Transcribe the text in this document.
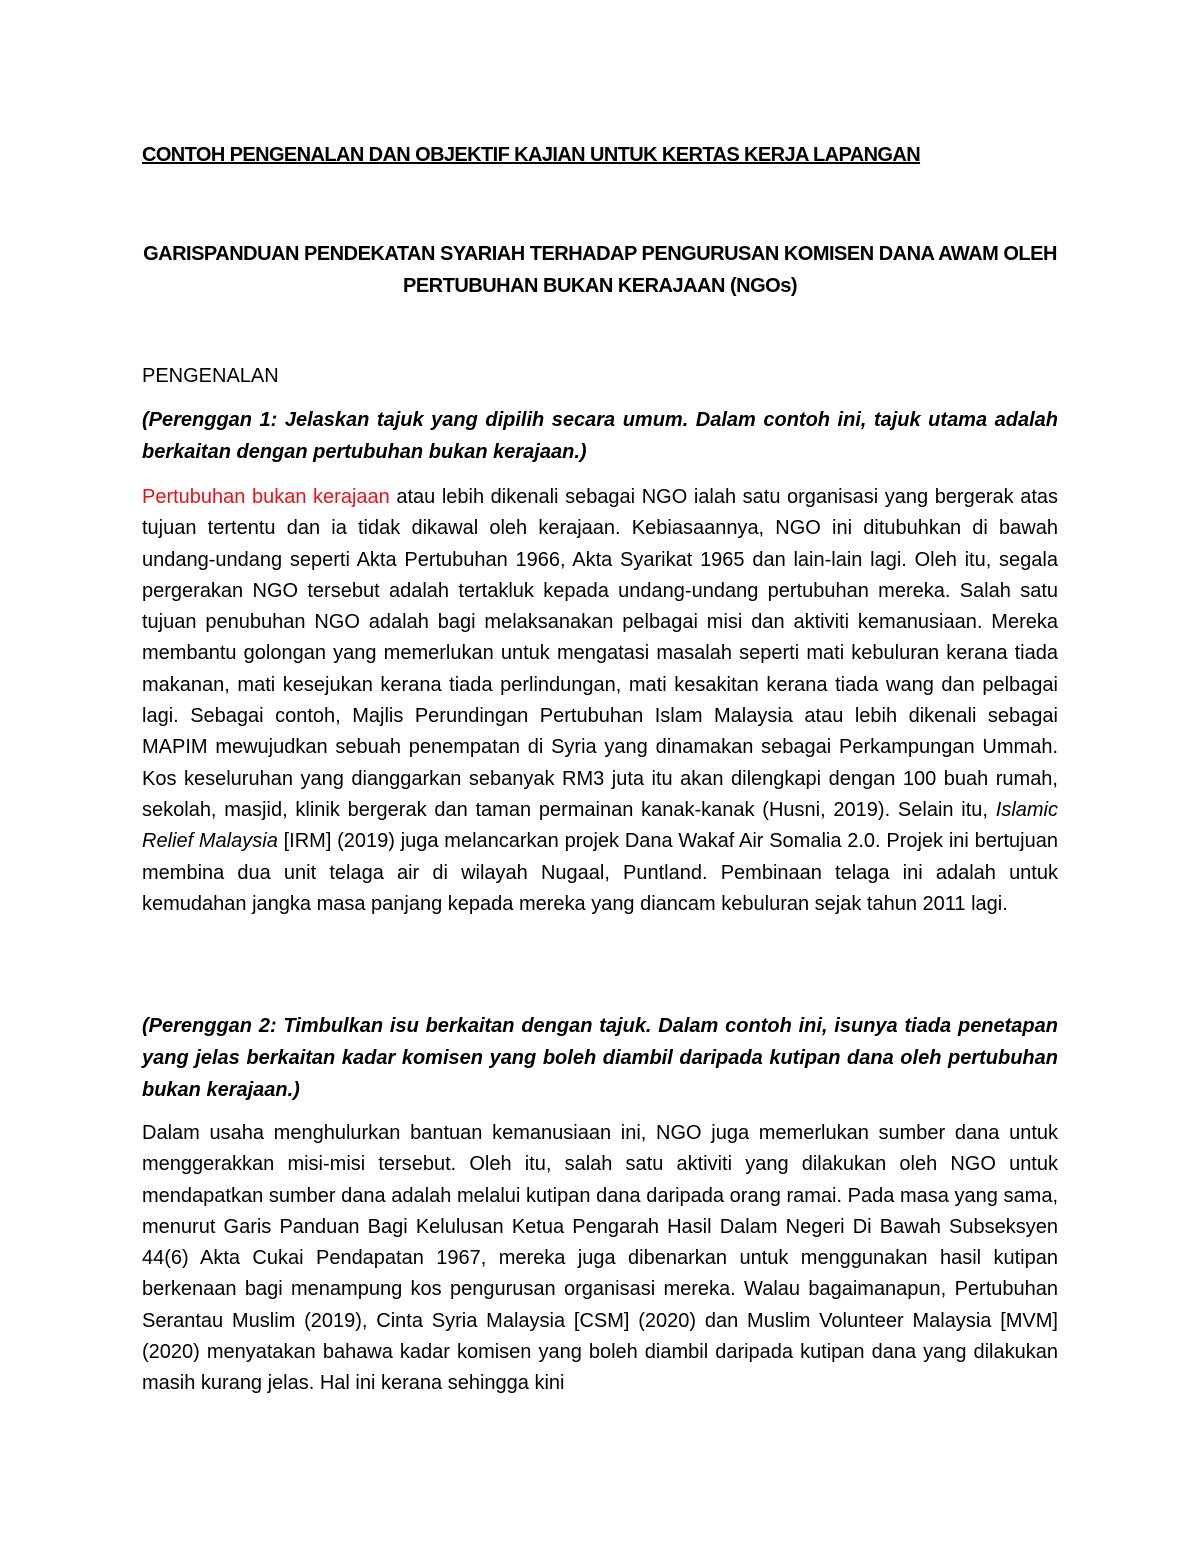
CONTOH PENGENALAN DAN OBJEKTIF KAJIAN UNTUK KERTAS KERJA LAPANGAN
GARISPANDUAN PENDEKATAN SYARIAH TERHADAP PENGURUSAN KOMISEN DANA AWAM OLEH
PERTUBUHAN BUKAN KERAJAAN (NGOs)
PENGENALAN
(Perenggan 1: Jelaskan tajuk yang dipilih secara umum. Dalam contoh ini, tajuk utama adalah berkaitan dengan pertubuhan bukan kerajaan.)
Pertubuhan bukan kerajaan atau lebih dikenali sebagai NGO ialah satu organisasi yang bergerak atas tujuan tertentu dan ia tidak dikawal oleh kerajaan. Kebiasaannya, NGO ini ditubuhkan di bawah undang-undang seperti Akta Pertubuhan 1966, Akta Syarikat 1965 dan lain-lain lagi. Oleh itu, segala pergerakan NGO tersebut adalah tertakluk kepada undang-undang pertubuhan mereka. Salah satu tujuan penubuhan NGO adalah bagi melaksanakan pelbagai misi dan aktiviti kemanusiaan. Mereka membantu golongan yang memerlukan untuk mengatasi masalah seperti mati kebuluran kerana tiada makanan, mati kesejukan kerana tiada perlindungan, mati kesakitan kerana tiada wang dan pelbagai lagi. Sebagai contoh, Majlis Perundingan Pertubuhan Islam Malaysia atau lebih dikenali sebagai MAPIM mewujudkan sebuah penempatan di Syria yang dinamakan sebagai Perkampungan Ummah. Kos keseluruhan yang dianggarkan sebanyak RM3 juta itu akan dilengkapi dengan 100 buah rumah, sekolah, masjid, klinik bergerak dan taman permainan kanak-kanak (Husni, 2019). Selain itu, Islamic Relief Malaysia [IRM] (2019) juga melancarkan projek Dana Wakaf Air Somalia 2.0. Projek ini bertujuan membina dua unit telaga air di wilayah Nugaal, Puntland. Pembinaan telaga ini adalah untuk kemudahan jangka masa panjang kepada mereka yang diancam kebuluran sejak tahun 2011 lagi.
(Perenggan 2: Timbulkan isu berkaitan dengan tajuk. Dalam contoh ini, isunya tiada penetapan yang jelas berkaitan kadar komisen yang boleh diambil daripada kutipan dana oleh pertubuhan bukan kerajaan.)
Dalam usaha menghulurkan bantuan kemanusiaan ini, NGO juga memerlukan sumber dana untuk menggerakkan misi-misi tersebut. Oleh itu, salah satu aktiviti yang dilakukan oleh NGO untuk mendapatkan sumber dana adalah melalui kutipan dana daripada orang ramai. Pada masa yang sama, menurut Garis Panduan Bagi Kelulusan Ketua Pengarah Hasil Dalam Negeri Di Bawah Subseksyen 44(6) Akta Cukai Pendapatan 1967, mereka juga dibenarkan untuk menggunakan hasil kutipan berkenaan bagi menampung kos pengurusan organisasi mereka. Walau bagaimanapun, Pertubuhan Serantau Muslim (2019), Cinta Syria Malaysia [CSM] (2020) dan Muslim Volunteer Malaysia [MVM] (2020) menyatakan bahawa kadar komisen yang boleh diambil daripada kutipan dana yang dilakukan masih kurang jelas. Hal ini kerana sehingga kini
